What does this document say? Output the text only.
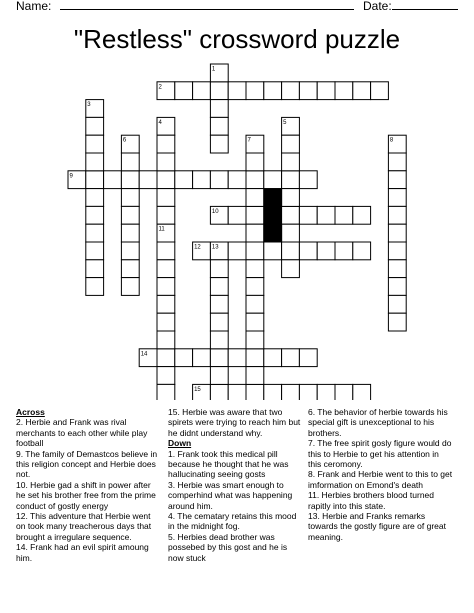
Name:	Date:
"Restless" crossword puzzle
1
2
3
4	5
6	7	8
9
10
11
12 13
14
15
Across
2. Herbie and Frank was rival merchants to each other while play football
9. The family of Demastcos believe in this religion concept and Herbie does not.
10. Herbie gad a shift in power after he set his brother free from the prime conduct of gostly energy
12. This adventure that Herbie went on took many treacherous days that brought a irregulare sequence.
14. Frank had an evil spirit amoung him.
15. Herbie was aware that two spirets were trying to reach him but he didnt understand why.
Down
1. Frank took this medical pill because he thought that he was hallucinating seeing gosts
3. Herbie was smart enough to comperhind what was happening around him.
4. The cematary retains this mood in the midnight fog.
5. Herbies dead brother was possebed by this gost and he is now stuck
6. The behavior of herbie towards his special gift is unexceptional to his brothers.
7. The free spirit gosly figure would do this to Herbie to get his attention in this ceromony.
8. Frank and Herbie went to this to get imformation on Emond's death
11. Herbies brothers blood turned rapitly into this state.
13. Herbie and Franks remarks towards the gostly figure are of great meaning.
